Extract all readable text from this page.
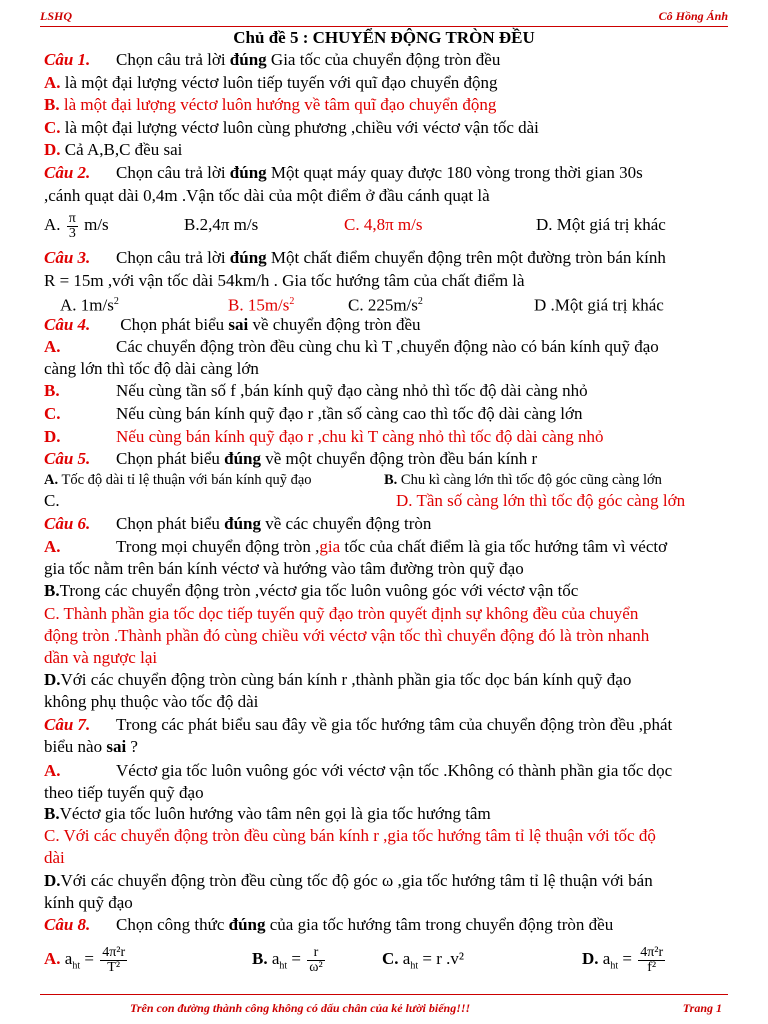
LSHQ	Cô Hồng Ánh
Chủ đề 5 : CHUYỂN ĐỘNG TRÒN ĐỀU
Câu 1. Chọn câu trả lời đúng Gia tốc của chuyển động tròn đều
A. là một đại lượng véctơ luôn tiếp tuyến với quĩ đạo chuyển động
B. là một đại lượng véctơ luôn hướng về tâm quĩ đạo chuyển động
C. là một đại lượng véctơ luôn cùng phương ,chiều với véctơ vận tốc dài
D. Cả A,B,C đều sai
Câu 2. Chọn câu trả lời đúng Một quạt máy quay được 180 vòng trong thời gian 30s
,cánh quạt dài 0,4m .Vận tốc dài của một điểm ở đầu cánh quạt là
A. $\frac{\pi}{3} m/s$	B.2,4π m/s	C. 4,8π m/s	D. Một giá trị khác
Câu 3. Chọn câu trả lời đúng Một chất điểm chuyển động trên một đường tròn bán kính
R = 15m ,với vận tốc dài 54km/h . Gia tốc hướng tâm của chất điểm là
A. $1m/s^2$	B. $15m/s^2$	C. $225m/s^2$	D .Một giá trị khác
Câu 4. Chọn phát biểu sai về chuyển động tròn đều
A.	Các chuyển động tròn đều cùng chu kì T ,chuyển động nào có bán kính quỹ đạo
càng lớn thì tốc độ dài càng lớn
B.	Nếu cùng tần số f ,bán kính quỹ đạo càng nhỏ thì tốc độ dài càng nhỏ
C.	Nếu cùng bán kính quỹ đạo r ,tần số càng cao thì tốc độ dài càng lớn
D.	Nếu cùng bán kính quỹ đạo r ,chu kì T càng nhỏ thì tốc độ dài càng nhỏ
Câu 5. Chọn phát biểu đúng về một chuyển động tròn đều bán kính r
A. Tốc độ dài tỉ lệ thuận với bán kính quỹ đạo	B. Chu kì càng lớn thì tốc độ góc cũng càng lớn
C.	D. Tần số càng lớn thì tốc độ góc càng lớn
Câu 6. Chọn phát biểu đúng về các chuyển động tròn
A.	Trong mọi chuyển động tròn ,gia tốc của chất điểm là gia tốc hướng tâm vì véctơ
gia tốc nằm trên bán kính véctơ và hướng vào tâm đường tròn quỹ đạo
B.Trong các chuyển động tròn ,véctơ gia tốc luôn vuông góc với véctơ vận tốc
C. Thành phần gia tốc dọc tiếp tuyến quỹ đạo tròn quyết định sự không đều của chuyển
động tròn .Thành phần đó cùng chiều với véctơ vận tốc thì chuyển động đó là tròn nhanh
dần và ngược lại
D.Với các chuyển động tròn cùng bán kính r ,thành phần gia tốc dọc bán kính quỹ đạo
không phụ thuộc vào tốc độ dài
Câu 7. Trong các phát biểu sau đây về gia tốc hướng tâm của chuyển động tròn đều ,phát
biểu nào sai ?
A.	Véctơ gia tốc luôn vuông góc với véctơ vận tốc .Không có thành phần gia tốc dọc
theo tiếp tuyến quỹ đạo
B.Véctơ gia tốc luôn hướng vào tâm nên gọi là gia tốc hướng tâm
C. Với các chuyển động tròn đều cùng bán kính r ,gia tốc hướng tâm tỉ lệ thuận với tốc độ
dài
D.Với các chuyển động tròn đều cùng tốc độ góc ω ,gia tốc hướng tâm tỉ lệ thuận với bán
kính quỹ đạo
Câu 8. Chọn công thức đúng của gia tốc hướng tâm trong chuyển động tròn đều
A. $a_{ht} = \frac{\text{4π²r}}{\text{T²}}$	B. $a_{ht} = \frac{r}{\text{ω²}}$	C. $a_{ht} = r$ .v²	D. $a_{ht} = \frac{\text{4π²r}}{\text{f²}}$
Trên con đường thành công không có dấu chân của kẻ lười biếng!!!	Trang 1
